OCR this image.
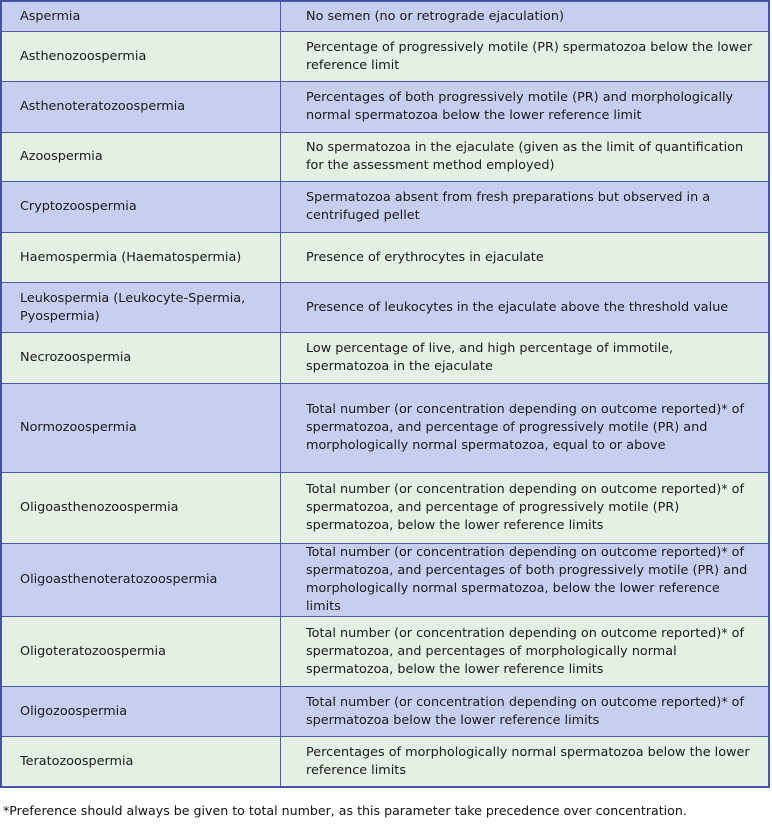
Aspermia	No semen (no or retrograde ejaculation)
Asthenozoospermia	Percentage of progressively motile (PR) spermatozoa below the lower reference limit
Asthenoteratozoospermia	Percentages of both progressively motile (PR) and morphologically normal spermatozoa below the lower reference limit
Azoospermia	No spermatozoa in the ejaculate (given as the limit of quantification for the assessment method employed)
Cryptozoospermia	Spermatozoa absent from fresh preparations but observed in a centrifuged pellet
Haemospermia (Haematospermia)	Presence of erythrocytes in ejaculate
Leukospermia (Leukocyte-Spermia, Pyospermia)	Presence of leukocytes in the ejaculate above the threshold value
Necrozoospermia	Low percentage of live, and high percentage of immotile, spermatozoa in the ejaculate
Normozoospermia	Total number (or concentration depending on outcome reported)* of spermatozoa, and percentage of progressively motile (PR) and morphologically normal spermatozoa, equal to or above
Oligoasthenozoospermia	Total number (or concentration depending on outcome reported)* of spermatozoa, and percentage of progressively motile (PR) spermatozoa, below the lower reference limits
Oligoasthenoteratozoospermia	Total number (or concentration depending on outcome reported)* of spermatozoa, and percentages of both progressively motile (PR) and morphologically normal spermatozoa, below the lower reference limits
Oligoteratozoospermia	Total number (or concentration depending on outcome reported)* of spermatozoa, and percentages of morphologically normal spermatozoa, below the lower reference limits
Oligozoospermia	Total number (or concentration depending on outcome reported)* of spermatozoa below the lower reference limits
Teratozoospermia	Percentages of morphologically normal spermatozoa below the lower reference limits
*Preference should always be given to total number, as this parameter take precedence over concentration.
